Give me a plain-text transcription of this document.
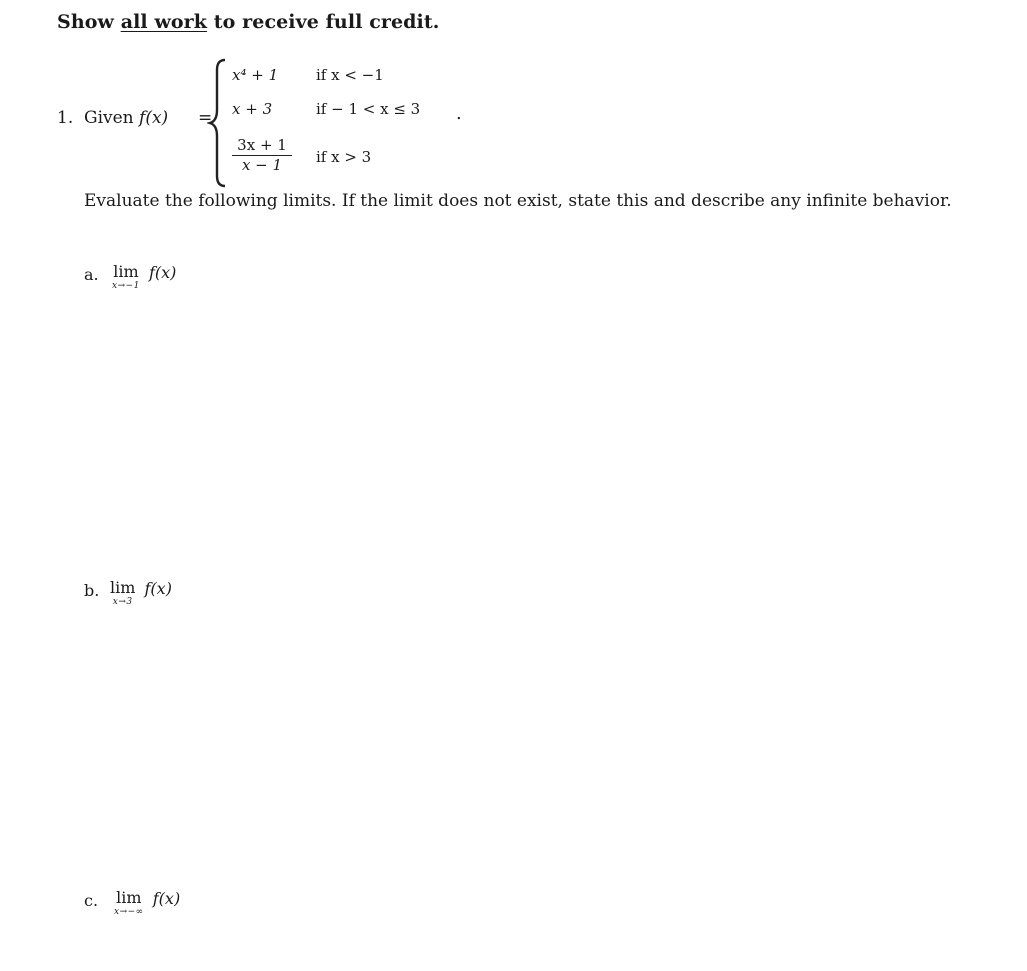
Show all work to receive full credit.
1. Given f(x) =
x⁴ + 1	if x < −1
x + 3	if − 1 < x ≤ 3 .
3x + 1
x − 1	if x > 3
Evaluate the following limits. If the limit does not exist, state this and describe any infinite behavior.
a. lim
x→−1
f(x)
b. lim
x→3
f(x)
c. lim
x→−∞
f(x)
